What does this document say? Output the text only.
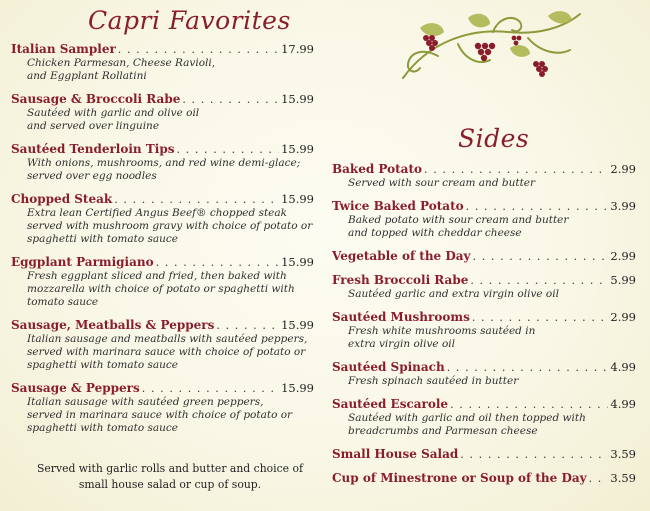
Capri Favorites
Sides
Italian Sampler . . .	17.99
Chicken Parmesan, Cheese Ravioli,
and Eggplant Rollatini
Sausage & Broccoli Rabe . . .	15.99
Sautéed with garlic and olive oil
and served over linguine
Sautéed Tenderloin Tips . . .	15.99
With onions, mushrooms, and red wine demi-glace;
served over egg noodles
Chopped Steak . . .	15.99
Extra lean Certified Angus Beef® chopped steak
served with mushroom gravy with choice of potato or
spaghetti with tomato sauce
Eggplant Parmigiano . . .	15.99
Fresh eggplant sliced and fried, then baked with
mozzarella with choice of potato or spaghetti with
tomato sauce
Sausage, Meatballs & Peppers . . .	15.99
Italian sausage and meatballs with sautéed peppers,
served with marinara sauce with choice of potato or
spaghetti with tomato sauce
Sausage & Peppers . . .	15.99
Italian sausage with sautéed green peppers,
served in marinara sauce with choice of potato or
spaghetti with tomato sauce
Served with garlic rolls and butter and choice of
small house salad or cup of soup.
Baked Potato . . .	2.99
Served with sour cream and butter
Twice Baked Potato . . .	3.99
Baked potato with sour cream and butter
and topped with cheddar cheese
Vegetable of the Day . . .	2.99
Fresh Broccoli Rabe . . .	5.99
Sautéed garlic and extra virgin olive oil
Sautéed Mushrooms . . .	2.99
Fresh white mushrooms sautéed in
extra virgin olive oil
Sautéed Spinach . . .	4.99
Fresh spinach sautéed in butter
Sautéed Escarole . . .	4.99
Sautéed with garlic and oil then topped with
breadcrumbs and Parmesan cheese
Small House Salad . . .	3.59
Cup of Minestrone or Soup of the Day . . . 3.59
